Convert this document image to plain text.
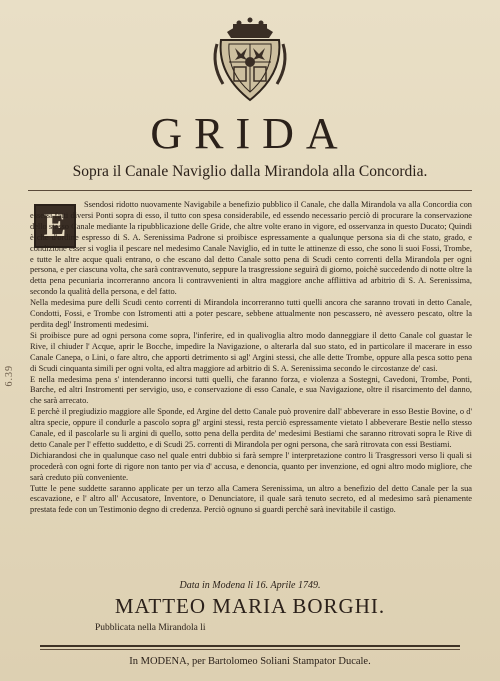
GRIDA
Sopra il Canale Naviglio dalla Mirandola alla Concordia.
E

Ssendosi ridotto nuovamente Navigabile a benefizio pubblico il Canale, che dalla Mirandola va alla Concordia con essersi fatti diversi Ponti sopra di esso, il tutto con spesa considerabile, ed essendo necessario perciò di procurare la conservazione dello stesso Canale mediante la ripubblicazione delle Gride, che altre volte erano in vigore, ed osservanza in questo Ducato; Quindi è che d'ordine espresso di S. A. Serenissima Padrone si proibisce espressamente a qualunque persona sia di che stato, grado, e condizione esser si voglia il pescare nel medesimo Canale Naviglio, ed in tutte le attinenze di esso, che sono li suoi Fossi, Trombe, e tutte le altre acque quali entrano, o che escano dal detto Canale sotto pena di Scudi cento correnti della Mirandola per ogni persona, e per ciascuna volta, che sarà contravvenuto, seppure la trasgressione seguirà di giorno, poichè succedendo di notte oltre la detta pena pecuniaria incorreranno ancora li contravvenienti in altra maggiore anche afflittiva ad arbitrio di S. A. Serenissima, secondo la qualità della persona, e del fatto.

Nella medesima pure delli Scudi cento correnti di Mirandola incorreranno tutti quelli ancora che saranno trovati in detto Canale, Condotti, Fossi, e Trombe con Istromenti atti a poter pescare, sebbene attualmente non pescassero, nè avessero pescato, oltre la perdita degl' Instromenti medesimi.

Si proibisce pure ad ogni persona come sopra, l'inferire, ed in qualivoglia altro modo danneggiare il detto Canale col guastar le Rive, il chiuder l' Acque, aprir le Bocche, impedire la Navigazione, o alterarla dal suo stato, ed in particolare il macerare in esso Canale Canepa, o Lini, o fare altro, che apporti detrimento si agl' Argini stessi, che alle dette Trombe, oppure alla pesca sotto pena di Scudi cinquanta simili per ogni volta, ed altra maggiore ad arbitrio di S. A. Serenissima secondo le circostanze de' casi.

E nella medesima pena s' intenderanno incorsi tutti quelli, che faranno forza, e violenza a Sostegni, Cavedoni, Trombe, Ponti, Barche, ed altri Instromenti per servigio, uso, e conservazione di esso Canale, e sua Navigazione, oltre il risarcimento del danno, che sarà arrecato.

E perchè il pregiudizio maggiore alle Sponde, ed Argine del detto Canale può provenire dall' abbeverare in esso Bestie Bovine, o d' altra specie, oppure il condurle a pascolo sopra gl' argini stessi, resta perciò espressamente vietato l abbeverare Bestie nello stesso Canale, ed il pascolarle su li argini di quello, sotto pena della perdita de' medesimi Bestiami che saranno ritrovati sopra le Rive di detto Canale per l' effetto suddetto, e di Scudi 25. correnti di Mirandola per ogni persona, che sarà ritrovata con essi Bestiami.

Dichiarandosi che in qualunque caso nel quale entri dubbio si farà sempre l' interpretazione contro li Trasgressori verso li quali si procederà con ogni forte di rigore non tanto per via d' accusa, e denoncia, quanto per invenzione, ed ogni altro modo migliore, che sarà creduto più conveniente.

Tutte le pene suddette saranno applicate per un terzo alla Camera Serenissima, un altro a benefizio del detto Canale per la sua escavazione, e l' altro all' Accusatore, Inventore, o Denunciatore, il quale sarà tenuto secreto, ed al medesimo sarà pienamente prestata fede con un Testimonio degno di credenza. Perciò ognuno si guardi perchè sarà inevitabile il castigo.

6.39
Data in Modena li 16. Aprile 1749.
MATTEO MARIA BORGHI.
Pubblicata nella Mirandola li
In MODENA, per Bartolomeo Soliani Stampator Ducale.
